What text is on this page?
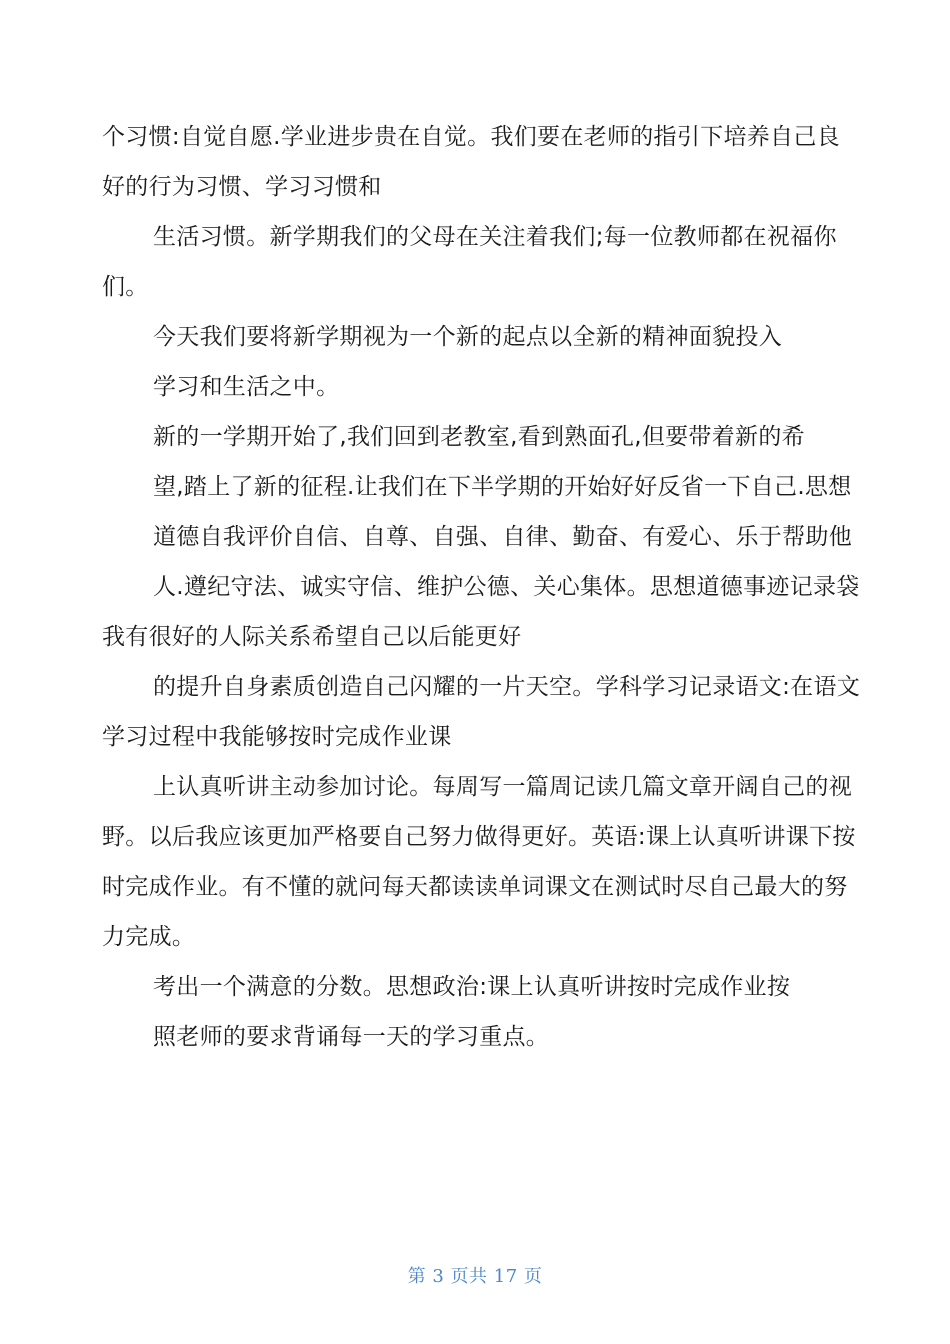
个习惯:自觉自愿.学业进步贵在自觉。我们要在老师的指引下培养自己良好的行为习惯、学习习惯和

生活习惯。新学期我们的父母在关注着我们;每一位教师都在祝福你们。

今天我们要将新学期视为一个新的起点以全新的精神面貌投入

学习和生活之中。

新的一学期开始了,我们回到老教室,看到熟面孔,但要带着新的希

望,踏上了新的征程.让我们在下半学期的开始好好反省一下自己.思想

道德自我评价自信、自尊、自强、自律、勤奋、有爱心、乐于帮助他

人.遵纪守法、诚实守信、维护公德、关心集体。思想道德事迹记录袋我有很好的人际关系希望自己以后能更好

的提升自身素质创造自己闪耀的一片天空。学科学习记录语文:在语文学习过程中我能够按时完成作业课

上认真听讲主动参加讨论。每周写一篇周记读几篇文章开阔自己的视野。以后我应该更加严格要自己努力做得更好。英语:课上认真听讲课下按时完成作业。有不懂的就问每天都读读单词课文在测试时尽自己最大的努力完成。

考出一个满意的分数。思想政治:课上认真听讲按时完成作业按

照老师的要求背诵每一天的学习重点。

第 3 页共 17 页
